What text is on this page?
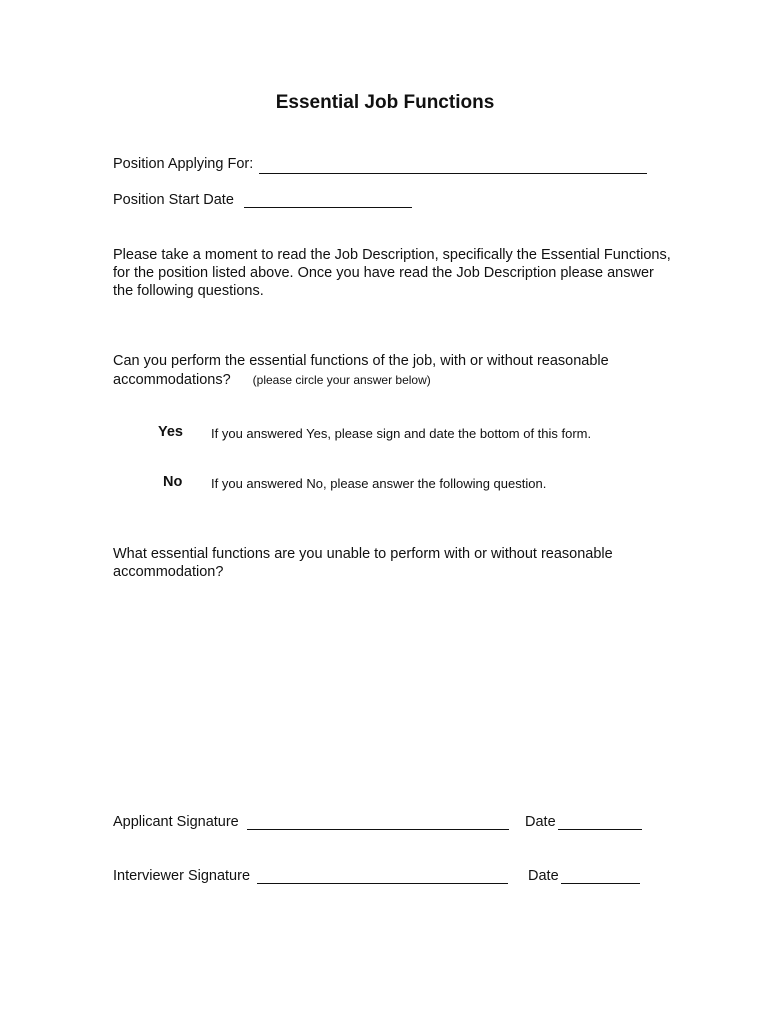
Essential Job Functions
Position Applying For:
Position Start Date
Please take a moment to read the Job Description, specifically the Essential Functions, for the position listed above. Once you have read the Job Description please answer the following questions.
Can you perform the essential functions of the job, with or without reasonable
accommodations? (please circle your answer below)
Yes If you answered Yes, please sign and date the bottom of this form.
No If you answered No, please answer the following question.
What essential functions are you unable to perform with or without reasonable
accommodation?
Applicant Signature	Date
Interviewer Signature	Date
